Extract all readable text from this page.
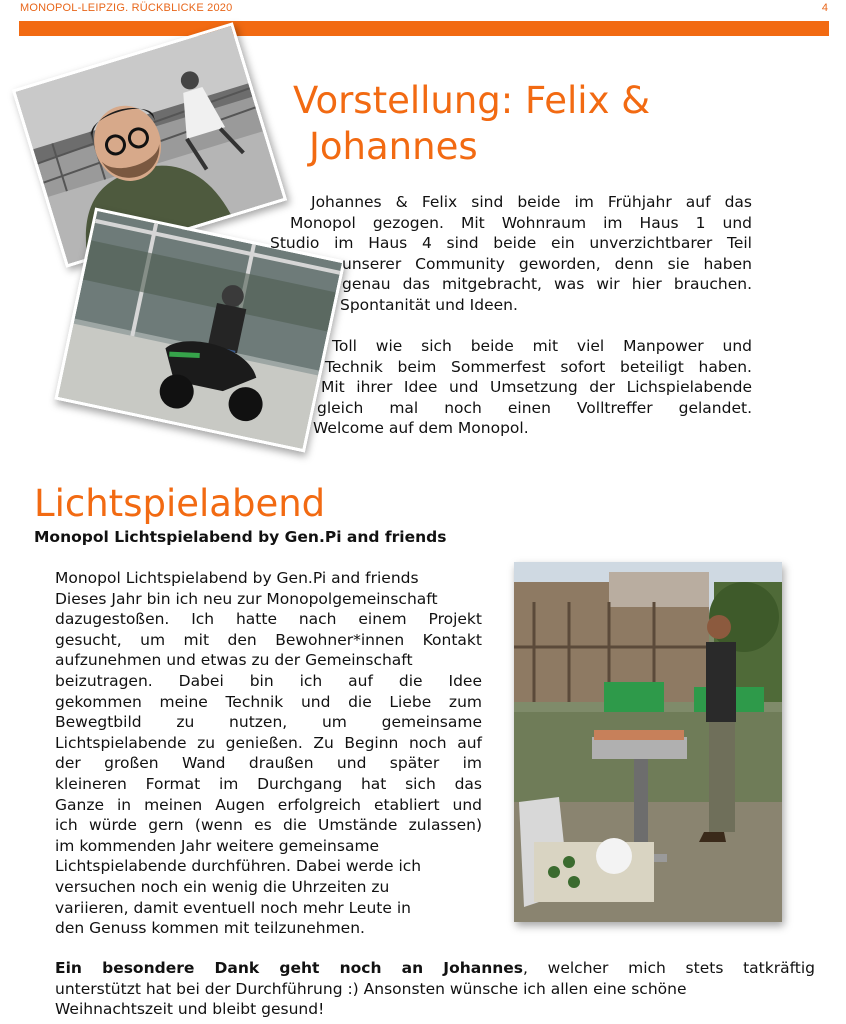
MONOPOL-LEIPZIG. RÜCKBLICKE 2020	4
Vorstellung: Felix &
Johannes

Johannes & Felix sind beide im Frühjahr auf das
Monopol gezogen. Mit Wohnraum im Haus 1 und
Studio im Haus 4 sind beide ein unverzichtbarer Teil
unserer Community geworden, denn sie haben
genau das mitgebracht, was wir hier brauchen.
Spontanität und Ideen.

Toll wie sich beide mit viel Manpower und
Technik beim Sommerfest sofort beteiligt haben.
Mit ihrer Idee und Umsetzung der Lichspielabende
gleich mal noch einen Volltreffer gelandet.
Welcome auf dem Monopol.

Lichtspielabend
Monopol Lichtspielabend by Gen.Pi and friends
Monopol Lichtspielabend by Gen.Pi and friends
Dieses Jahr bin ich neu zur Monopolgemeinschaft
dazugestoßen. Ich hatte nach einem Projekt
gesucht, um mit den Bewohner*innen Kontakt
aufzunehmen und etwas zu der Gemeinschaft
beizutragen. Dabei bin ich auf die Idee
gekommen meine Technik und die Liebe zum
Bewegtbild zu nutzen, um gemeinsame
Lichtspielabende zu genießen. Zu Beginn noch auf
der großen Wand draußen und später im
kleineren Format im Durchgang hat sich das
Ganze in meinen Augen erfolgreich etabliert und
ich würde gern (wenn es die Umstände zulassen)
im kommenden Jahr weitere gemeinsame
Lichtspielabende durchführen. Dabei werde ich
versuchen noch ein wenig die Uhrzeiten zu
variieren, damit eventuell noch mehr Leute in
den Genuss kommen mit teilzunehmen.
Ein besondere Dank geht noch an Johannes, welcher mich stets tatkräftig
unterstützt hat bei der Durchführung :) Ansonsten wünsche ich allen eine schöne
Weihnachtszeit und bleibt gesund!
